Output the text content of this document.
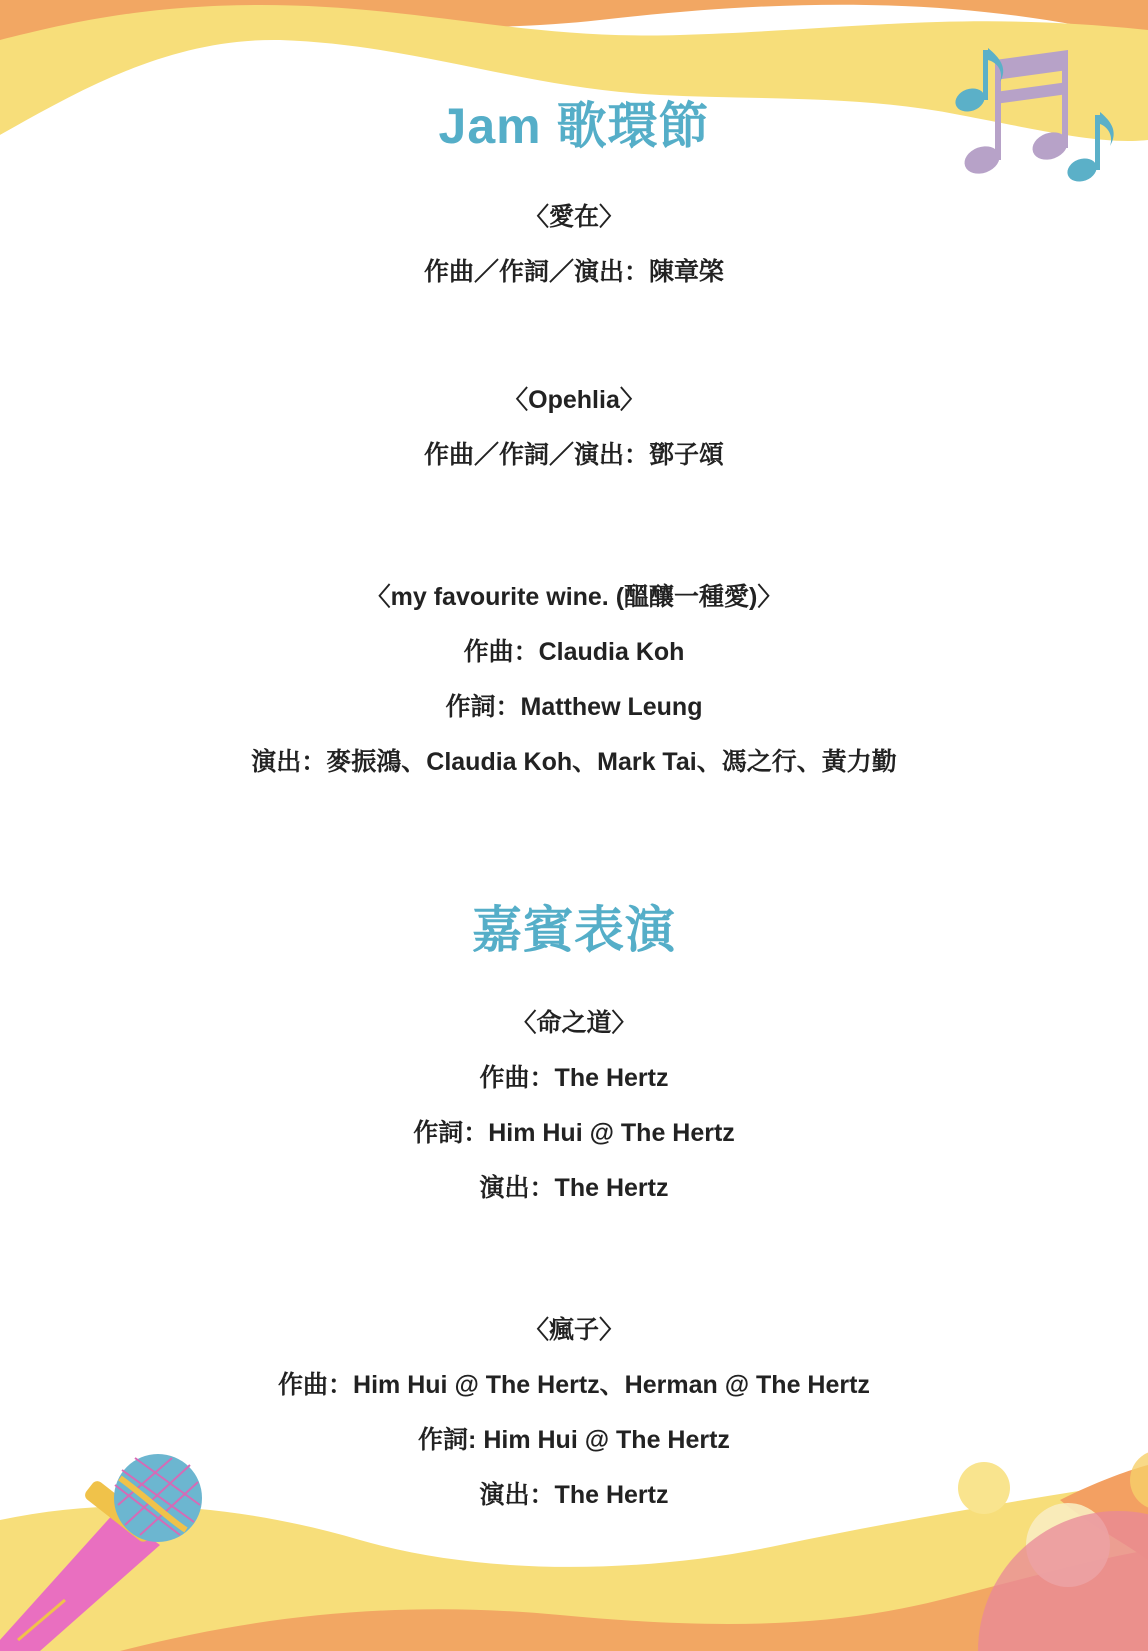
Jam 歌環節
〈愛在〉
作曲／作詞／演出：陳章棨
〈Opehlia〉
作曲／作詞／演出：鄧子頌
〈my favourite wine. (醞釀一種愛)〉
作曲：Claudia Koh
作詞：Matthew Leung
演出：麥振鴻、Claudia Koh、Mark Tai、馮之行、黃力勤
嘉賓表演
〈命之道〉
作曲：The Hertz
作詞：Him Hui @ The Hertz
演出：The Hertz
〈瘋子〉
作曲：Him Hui @ The Hertz、Herman @ The Hertz
作詞: Him Hui @ The Hertz
演出：The Hertz
